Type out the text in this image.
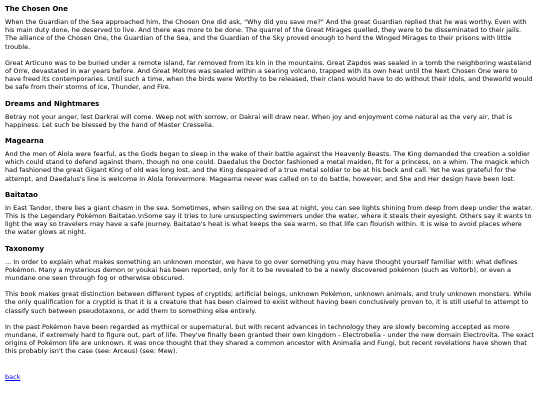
The Chosen One

When the Guardian of the Sea approached him, the Chosen One did ask, "Why did you save me?" And the great Guardian replied that he was worthy. Even with his main duty done, he deserved to live. And there was more to be done. The quarrel of the Great Mirages quelled, they were to be disseminated to their jails. The alliance of the Chosen One, the Guardian of the Sea, and the Guardian of the Sky proved enough to herd the Winged Mirages to their prisons with little trouble.

Great Articuno was to be buried under a remote island, far removed from its kin in the mountains. Great Zapdos was sealed in a tomb the neighboring wasteland of Orre, devastated in war years before. And Great Moltres was sealed within a searing volcano, trapped with its own heat until the Next Chosen One were to have freed its contemporaries. Until such a time, when the birds were Worthy to be released, their clans would have to do without their Idols, and theworld would be safe from their storms of Ice, Thunder, and Fire.

Dreams and Nightmares

Betray not your anger, lest Darkrai will come. Weep not with sorrow, or Dakrai will draw near. When joy and enjoyment come natural as the very air, that is happiness. Let such be blessed by the hand of Master Cresselia.

Magearna

And the men of Alola were fearful, as the Gods began to sleep in the wake of their battle against the Heavenly Beasts. The King demanded the creation a soldier which could stand to defend against them, though no one could. Daedalus the Doctor fashioned a metal maiden, fit for a princess, on a whim. The magick which had fashioned the great Gigant King of old was long lost, and the King despaired of a true metal soldier to be at his beck and call. Yet he was grateful for the attempt, and Daedalus's line is welcome in Alola forevermore. Magearna never was called on to do battle, however; and She and Her design have been lost.

Baitatao

In East Tandor, there lies a giant chasm in the sea. Sometimes, when sailing on the sea at night, you can see lights shining from deep from deep under the water. This is the Legendary Pokémon Baitatao.\nSome say it tries to lure unsuspecting swimmers under the water, where it steals their eyesight. Others say it wants to light the way so travelers may have a safe journey. Baitatao's heat is what keeps the sea warm, so that life can flourish within. It is wise to avoid places where the water glows at night.

Taxonomy

... In order to explain what makes something an unknown monster, we have to go over something you may have thought yourself familiar with: what defines Pokémon. Many a mysterious demon or youkai has been reported, only for it to be revealed to be a newly discovered pokémon (such as Voltorb), or even a mundane one seen through fog or otherwise obscured.

This book makes great distinction between different types of cryptids; artificial beings, unknown Pokémon, unknown animals, and truly unknown monsters. While the only qualification for a cryptid is that it is a creature that has been claimed to exist without having been conclusively proven to, it is still useful to attempt to classify such between pseudotaxons, or add them to something else entirely.

In the past Pokémon have been regarded as mythical or supernatural, but with recent advances in technology they are slowly becoming accepted as more mundane, if extremely hard to figure out, part of life. They've finally been granted their own kingdom - Electrobelia - under the new domain Electrovita. The exact origins of Pokémon life are unknown. It was once thought that they shared a common ancestor with Animalia and Fungi, but recent revelations have shown that this probably isn't the case (see: Arceus) (see: Mew).

back
